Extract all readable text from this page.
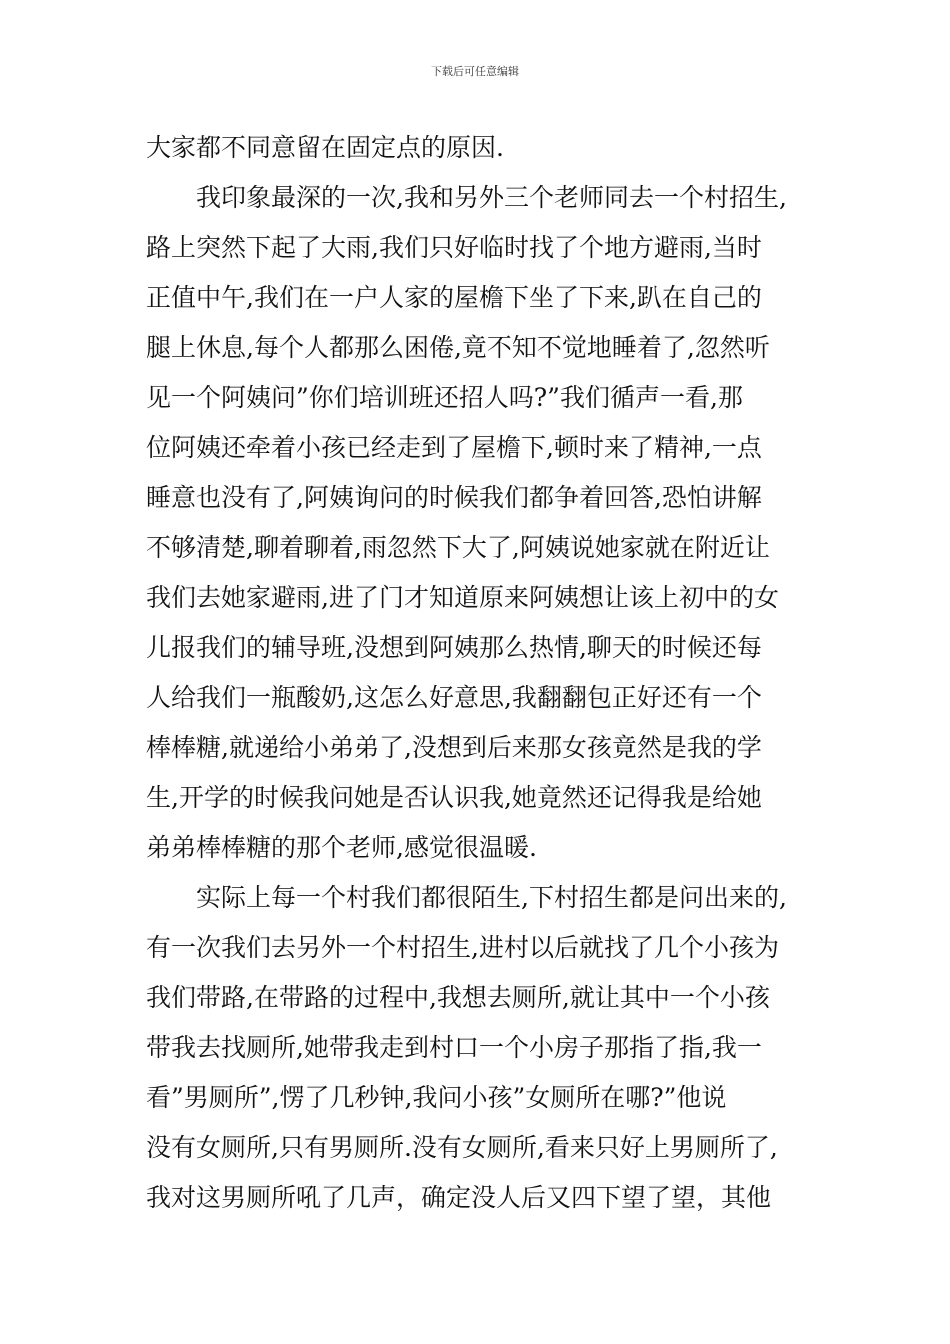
下载后可任意编辑
大家都不同意留在固定点的原因.
我印象最深的一次,我和另外三个老师同去一个村招生,
路上突然下起了大雨,我们只好临时找了个地方避雨,当时
正值中午,我们在一户人家的屋檐下坐了下来,趴在自己的
腿上休息,每个人都那么困倦,竟不知不觉地睡着了,忽然听
见一个阿姨问”你们培训班还招人吗?”我们循声一看,那
位阿姨还牵着小孩已经走到了屋檐下,顿时来了精神,一点
睡意也没有了,阿姨询问的时候我们都争着回答,恐怕讲解
不够清楚,聊着聊着,雨忽然下大了,阿姨说她家就在附近让
我们去她家避雨,进了门才知道原来阿姨想让该上初中的女
儿报我们的辅导班,没想到阿姨那么热情,聊天的时候还每
人给我们一瓶酸奶,这怎么好意思,我翻翻包正好还有一个
棒棒糖,就递给小弟弟了,没想到后来那女孩竟然是我的学
生,开学的时候我问她是否认识我,她竟然还记得我是给她
弟弟棒棒糖的那个老师,感觉很温暖.
实际上每一个村我们都很陌生,下村招生都是问出来的,
有一次我们去另外一个村招生,进村以后就找了几个小孩为
我们带路,在带路的过程中,我想去厕所,就让其中一个小孩
带我去找厕所,她带我走到村口一个小房子那指了指,我一
看”男厕所”,愣了几秒钟,我问小孩”女厕所在哪?”他说
没有女厕所,只有男厕所.没有女厕所,看来只好上男厕所了,
我对这男厕所吼了几声，确定没人后又四下望了望，其他
